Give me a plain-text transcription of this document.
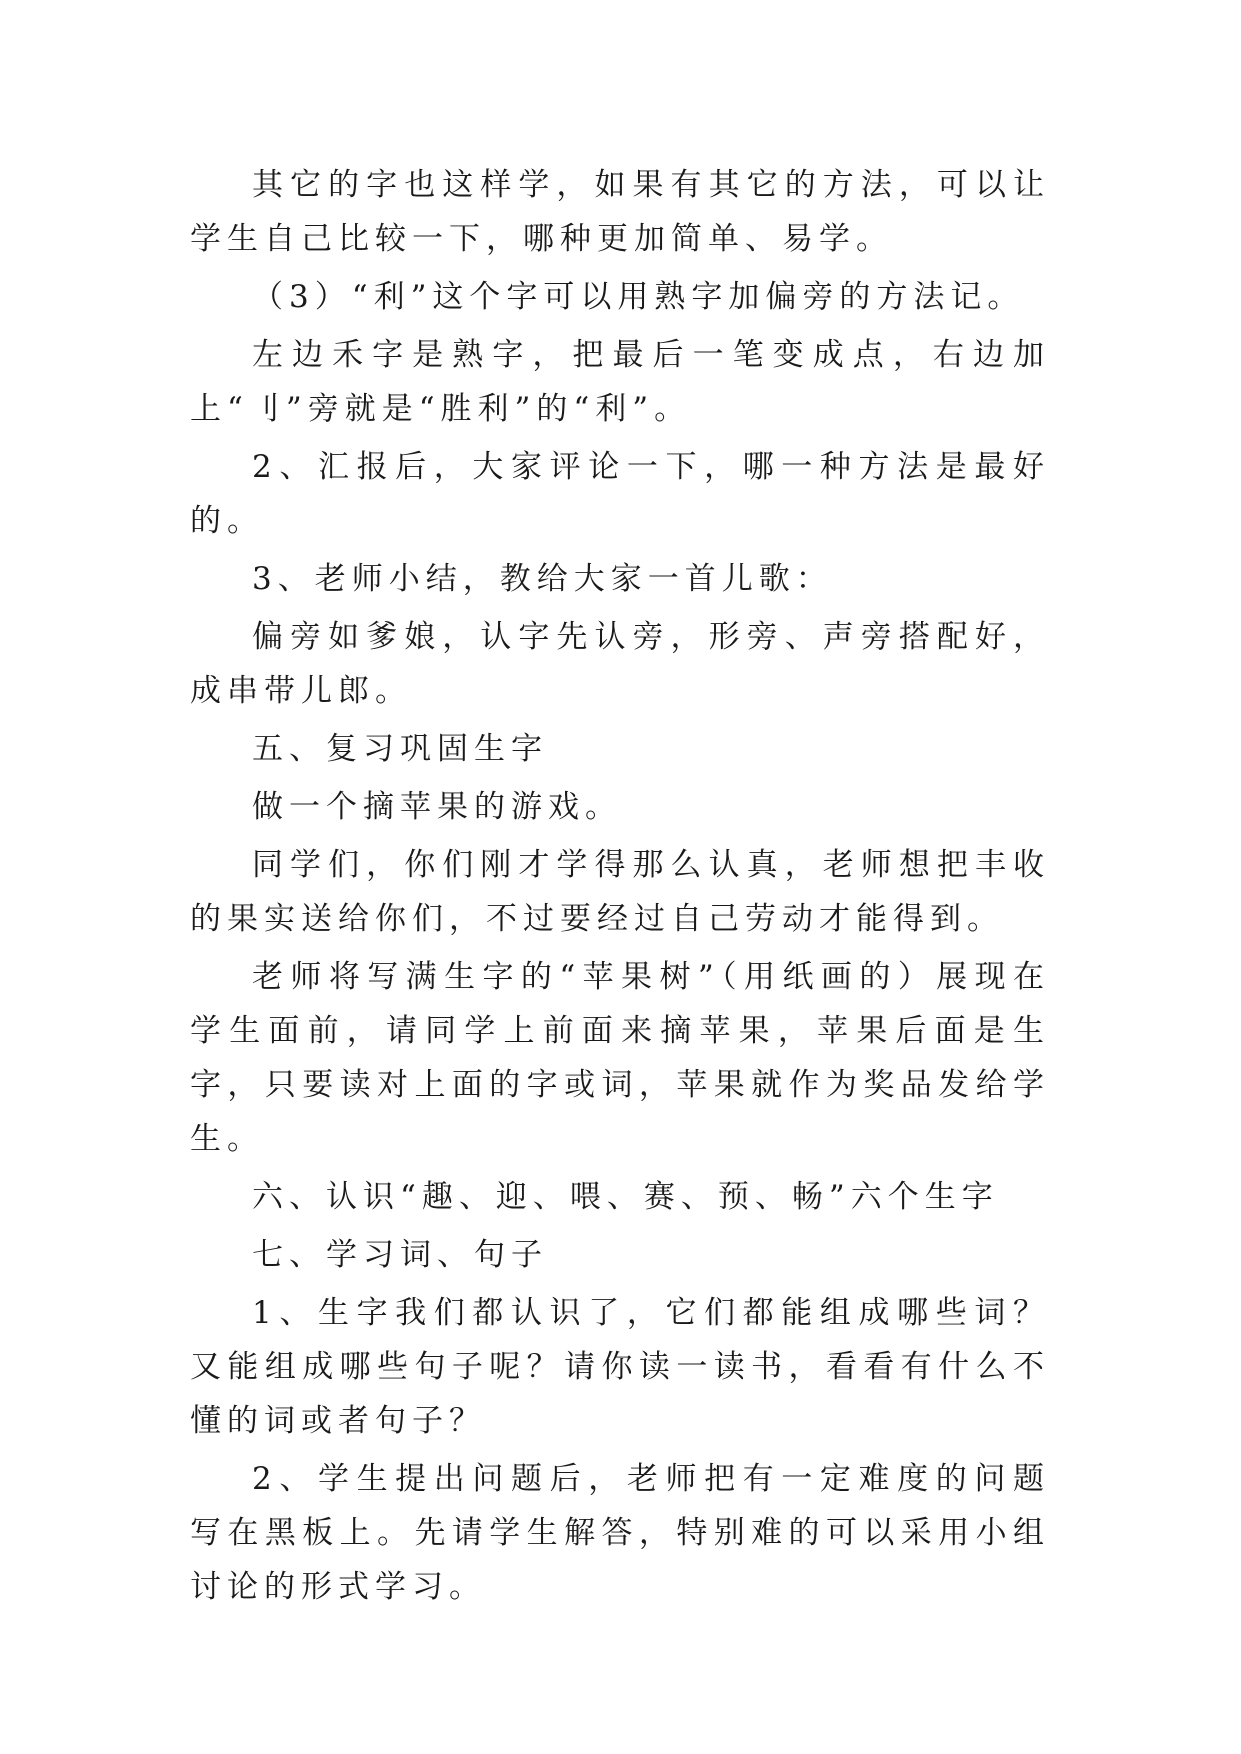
其它的字也这样学，如果有其它的方法，可以让学生自己比较一下，哪种更加简单、易学。

（3）“利”这个字可以用熟字加偏旁的方法记。

左边禾字是熟字，把最后一笔变成点，右边加上“刂”旁就是“胜利”的“利”。

2、汇报后，大家评论一下，哪一种方法是最好的。

3、老师小结，教给大家一首儿歌：

偏旁如爹娘，认字先认旁，形旁、声旁搭配好，成串带儿郎。

五、复习巩固生字

做一个摘苹果的游戏。

同学们，你们刚才学得那么认真，老师想把丰收的果实送给你们，不过要经过自己劳动才能得到。

老师将写满生字的“苹果树”（用纸画的）展现在学生面前，请同学上前面来摘苹果，苹果后面是生字，只要读对上面的字或词，苹果就作为奖品发给学生。

六、认识“趣、迎、喂、赛、预、畅”六个生字

七、学习词、句子

1、生字我们都认识了，它们都能组成哪些词？又能组成哪些句子呢？请你读一读书，看看有什么不懂的词或者句子？

2、学生提出问题后，老师把有一定难度的问题写在黑板上。先请学生解答，特别难的可以采用小组讨论的形式学习。
